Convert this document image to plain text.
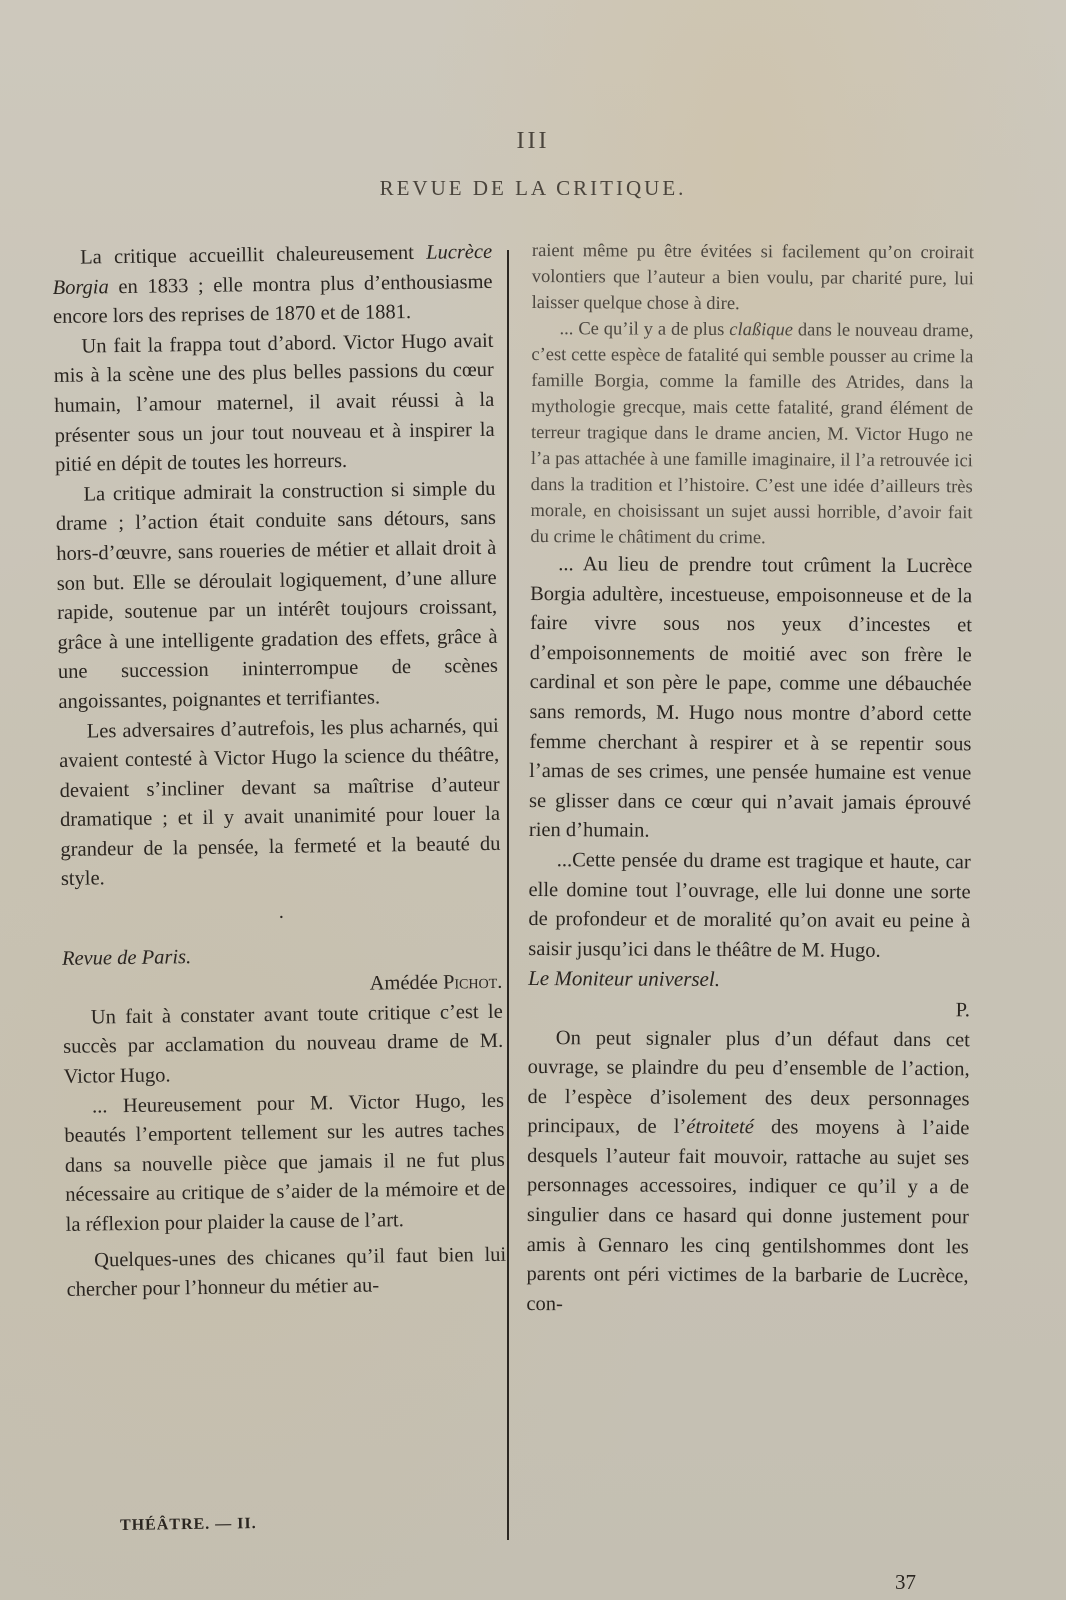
III
REVUE DE LA CRITIQUE.

La critique accueillit chaleureusement Lucrèce Borgia en 1833 ; elle montra plus d’enthousiasme encore lors des reprises de 1870 et de 1881.

Un fait la frappa tout d’abord. Victor Hugo avait mis à la scène une des plus belles passions du cœur humain, l’amour maternel, il avait réussi à la présenter sous un jour tout nouveau et à inspirer la pitié en dépit de toutes les horreurs.

La critique admirait la construction si simple du drame ; l’action était conduite sans détours, sans hors-d’œuvre, sans roueries de métier et allait droit à son but. Elle se déroulait logiquement, d’une allure rapide, soutenue par un intérêt toujours croissant, grâce à une intelligente gradation des effets, grâce à une succession ininterrompue de scènes angoissantes, poignantes et terrifiantes.

Les adversaires d’autrefois, les plus acharnés, qui avaient contesté à Victor Hugo la science du théâtre, devaient s’incliner devant sa maîtrise d’auteur dramatique ; et il y avait unanimité pour louer la grandeur de la pensée, la fermeté et la beauté du style.

.

Revue de Paris.

Amédée Pichot.

Un fait à constater avant toute critique c’est le succès par acclamation du nouveau drame de M. Victor Hugo.

... Heureusement pour M. Victor Hugo, les beautés l’emportent tellement sur les autres taches dans sa nouvelle pièce que jamais il ne fut plus nécessaire au critique de s’aider de la mémoire et de la réflexion pour plaider la cause de l’art.

Quelques-unes des chicanes qu’il faut bien lui chercher pour l’honneur du métier au-

raient même pu être évitées si facilement qu’on croirait volontiers que l’auteur a bien voulu, par charité pure, lui laisser quelque chose à dire.

... Ce qu’il y a de plus claßique dans le nouveau drame, c’est cette espèce de fatalité qui semble pousser au crime la famille Borgia, comme la famille des Atrides, dans la mythologie grecque, mais cette fatalité, grand élément de terreur tragique dans le drame ancien, M. Victor Hugo ne l’a pas attachée à une famille imaginaire, il l’a retrouvée ici dans la tradition et l’histoire. C’est une idée d’ailleurs très morale, en choisissant un sujet aussi horrible, d’avoir fait du crime le châtiment du crime.

... Au lieu de prendre tout crûment la Lucrèce Borgia adultère, incestueuse, empoisonneuse et de la faire vivre sous nos yeux d’incestes et d’empoisonnements de moitié avec son frère le cardinal et son père le pape, comme une débauchée sans remords, M. Hugo nous montre d’abord cette femme cherchant à respirer et à se repentir sous l’amas de ses crimes, une pensée humaine est venue se glisser dans ce cœur qui n’avait jamais éprouvé rien d’humain.

...Cette pensée du drame est tragique et haute, car elle domine tout l’ouvrage, elle lui donne une sorte de profondeur et de moralité qu’on avait eu peine à saisir jusqu’ici dans le théâtre de M. Hugo.

Le Moniteur universel.

P.

On peut signaler plus d’un défaut dans cet ouvrage, se plaindre du peu d’ensemble de l’action, de l’espèce d’isolement des deux personnages principaux, de l’étroiteté des moyens à l’aide desquels l’auteur fait mouvoir, rattache au sujet ses personnages accessoires, indiquer ce qu’il y a de singulier dans ce hasard qui donne justement pour amis à Gennaro les cinq gentilshommes dont les parents ont péri victimes de la barbarie de Lucrèce, con-

THÉÂTRE. — II.
37
